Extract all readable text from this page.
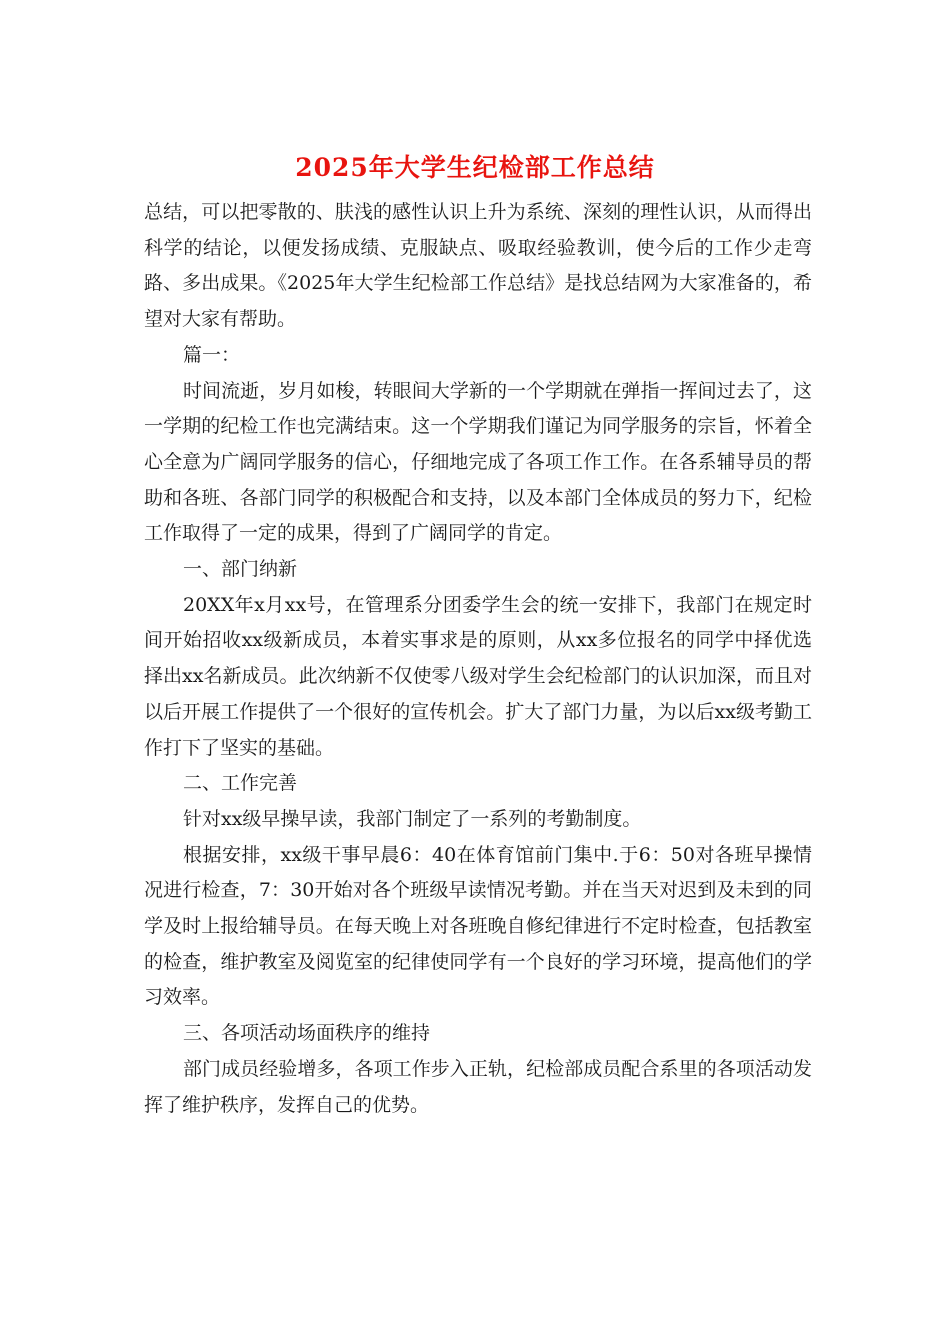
2025年大学生纪检部工作总结

总结，可以把零散的、肤浅的感性认识上升为系统、深刻的理性认识，从而得出科学的结论，以便发扬成绩、克服缺点、吸取经验教训，使今后的工作少走弯路、多出成果。《2025年大学生纪检部工作总结》是找总结网为大家准备的，希望对大家有帮助。

篇一：

时间流逝，岁月如梭，转眼间大学新的一个学期就在弹指一挥间过去了，这一学期的纪检工作也完满结束。这一个学期我们谨记为同学服务的宗旨，怀着全心全意为广阔同学服务的信心，仔细地完成了各项工作工作。在各系辅导员的帮助和各班、各部门同学的积极配合和支持，以及本部门全体成员的努力下，纪检工作取得了一定的成果，得到了广阔同学的肯定。

一、部门纳新

20XX年x月xx号，在管理系分团委学生会的统一安排下，我部门在规定时间开始招收xx级新成员，本着实事求是的原则，从xx多位报名的同学中择优选择出xx名新成员。此次纳新不仅使零八级对学生会纪检部门的认识加深，而且对以后开展工作提供了一个很好的宣传机会。扩大了部门力量，为以后xx级考勤工作打下了坚实的基础。

二、工作完善

针对xx级早操早读，我部门制定了一系列的考勤制度。

根据安排，xx级干事早晨6：40在体育馆前门集中.于6：50对各班早操情况进行检查，7：30开始对各个班级早读情况考勤。并在当天对迟到及未到的同学及时上报给辅导员。在每天晚上对各班晚自修纪律进行不定时检查，包括教室的检查，维护教室及阅览室的纪律使同学有一个良好的学习环境，提高他们的学习效率。

三、各项活动场面秩序的维持

部门成员经验增多，各项工作步入正轨，纪检部成员配合系里的各项活动发挥了维护秩序，发挥自己的优势。
